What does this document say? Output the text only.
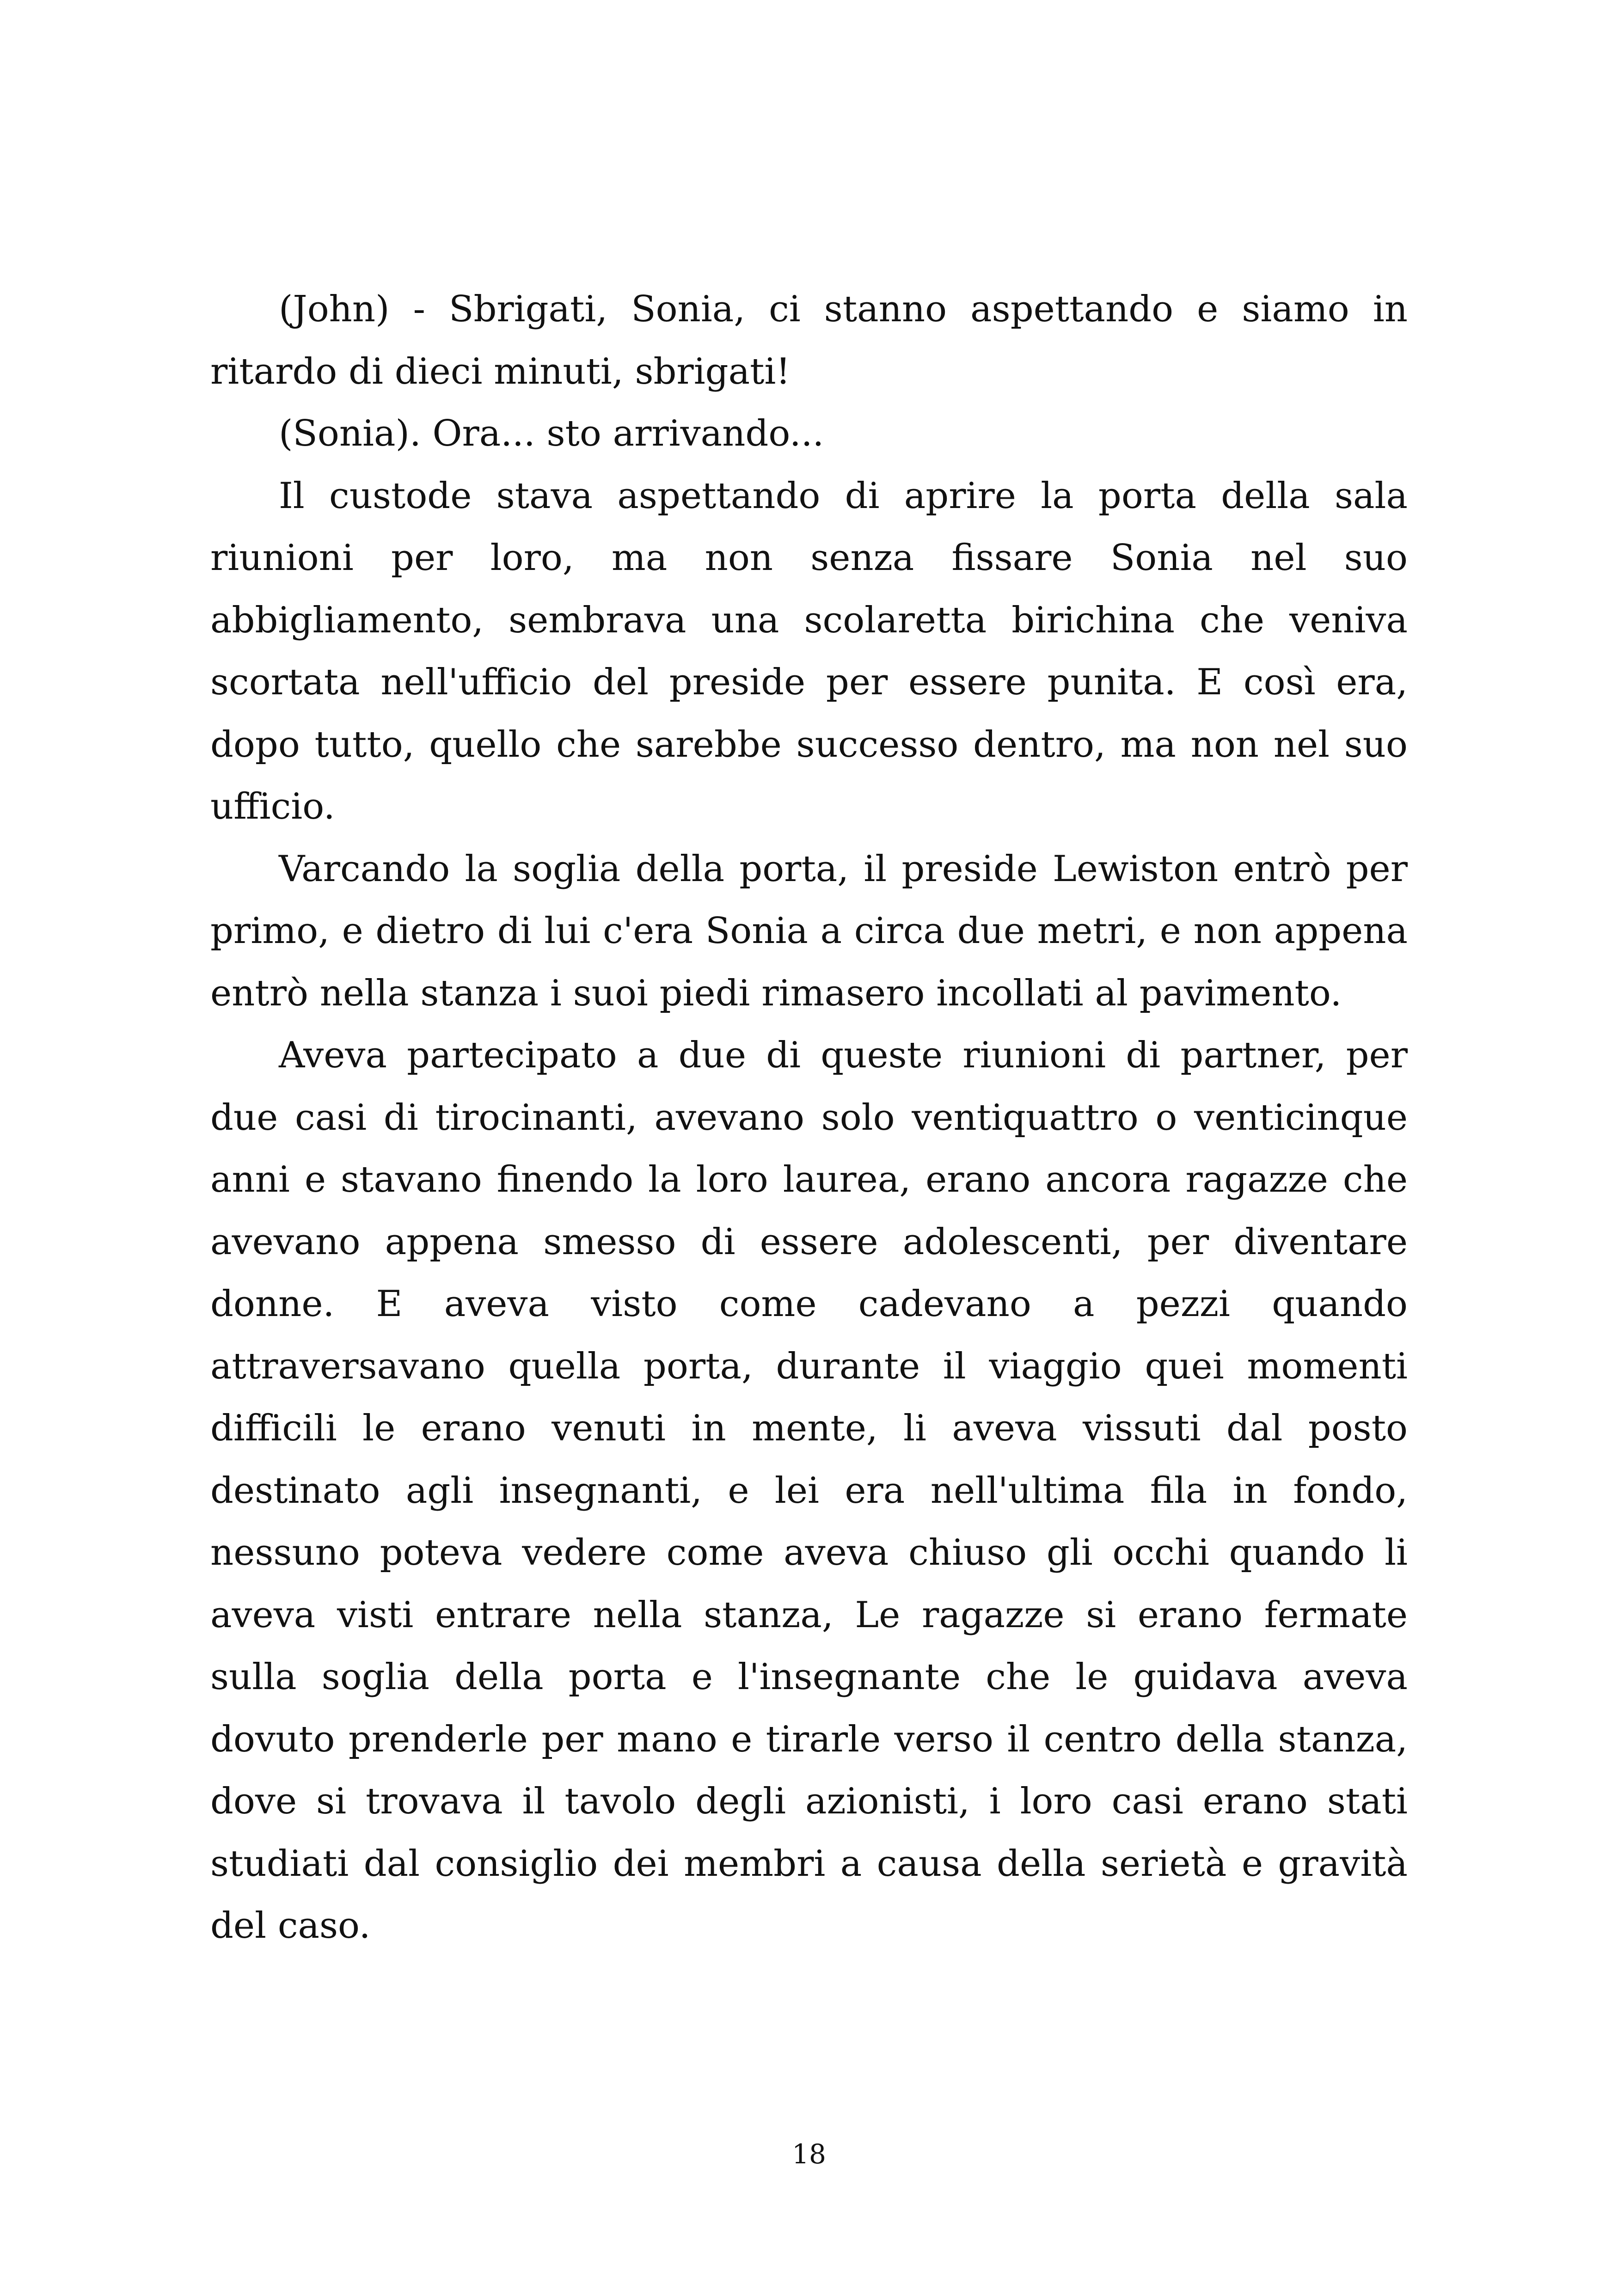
(John) - Sbrigati, Sonia, ci stanno aspettando e siamo in ritardo di dieci minuti, sbrigati!

(Sonia). Ora... sto arrivando...

Il custode stava aspettando di aprire la porta della sala riunioni per loro, ma non senza fissare Sonia nel suo abbigliamento, sembrava una scolaretta birichina che veniva scortata nell'ufficio del preside per essere punita. E così era, dopo tutto, quello che sarebbe successo dentro, ma non nel suo ufficio.

Varcando la soglia della porta, il preside Lewiston entrò per primo, e dietro di lui c'era Sonia a circa due metri, e non appena entrò nella stanza i suoi piedi rimasero incollati al pavimento.

Aveva partecipato a due di queste riunioni di partner, per due casi di tirocinanti, avevano solo ventiquattro o venticinque anni e stavano finendo la loro laurea, erano ancora ragazze che avevano appena smesso di essere adolescenti, per diventare donne. E aveva visto come cadevano a pezzi quando attraversavano quella porta, durante il viaggio quei momenti difficili le erano venuti in mente, li aveva vissuti dal posto destinato agli insegnanti, e lei era nell'ultima fila in fondo, nessuno poteva vedere come aveva chiuso gli occhi quando li aveva visti entrare nella stanza, Le ragazze si erano fermate sulla soglia della porta e l'insegnante che le guidava aveva dovuto prenderle per mano e tirarle verso il centro della stanza, dove si trovava il tavolo degli azionisti, i loro casi erano stati studiati dal consiglio dei membri a causa della serietà e gravità del caso.

18
